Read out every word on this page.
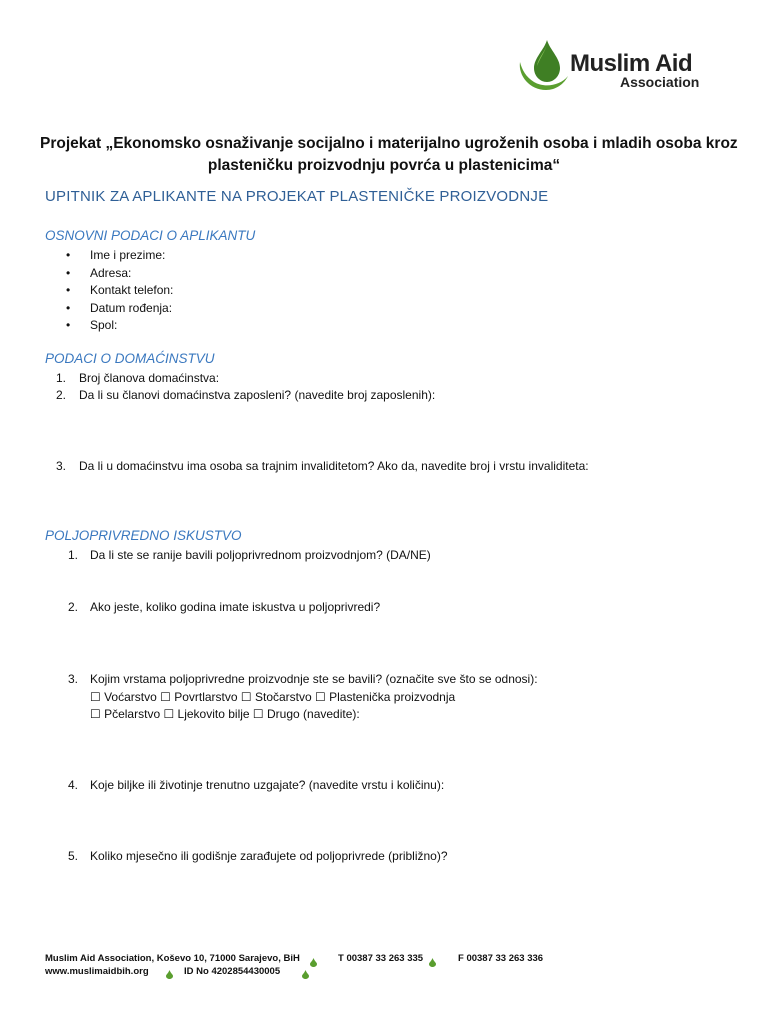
Muslim Aid
Association
Projekat „Ekonomsko osnaživanje socijalno i materijalno ugroženih osoba i mladih osoba kroz
plasteničku proizvodnju povrća u plastenicima“
UPITNIK ZA APLIKANTE NA PROJEKAT PLASTENIČKE PROIZVODNJE
OSNOVNI PODACI O APLIKANTU
• Ime i prezime:
• Adresa:
• Kontakt telefon:
• Datum rođenja:
• Spol:
PODACI O DOMAĆINSTVU
1. Broj članova domaćinstva:
2. Da li su članovi domaćinstva zaposleni? (navedite broj zaposlenih):
3. Da li u domaćinstvu ima osoba sa trajnim invaliditetom? Ako da, navedite broj i vrstu invaliditeta:
POLJOPRIVREDNO ISKUSTVO
1. Da li ste se ranije bavili poljoprivrednom proizvodnjom? (DA/NE)
2. Ako jeste, koliko godina imate iskustva u poljoprivredi?
3. Kojim vrstama poljoprivredne proizvodnje ste se bavili? (označite sve što se odnosi):
☐ Voćarstvo ☐ Povrtlarstvo ☐ Stočarstvo ☐ Plastenička proizvodnja
☐ Pčelarstvo ☐ Ljekovito bilje ☐ Drugo (navedite):
4. Koje biljke ili životinje trenutno uzgajate? (navedite vrstu i količinu):
5. Koliko mjesečno ili godišnje zarađujete od poljoprivrede (približno)?
Muslim Aid Association, Koševo 10, 71000 Sarajevo, BiH	T 00387 33 263 335	F 00387 33 263 336
www.muslimaidbih.org	ID No 4202854430005
